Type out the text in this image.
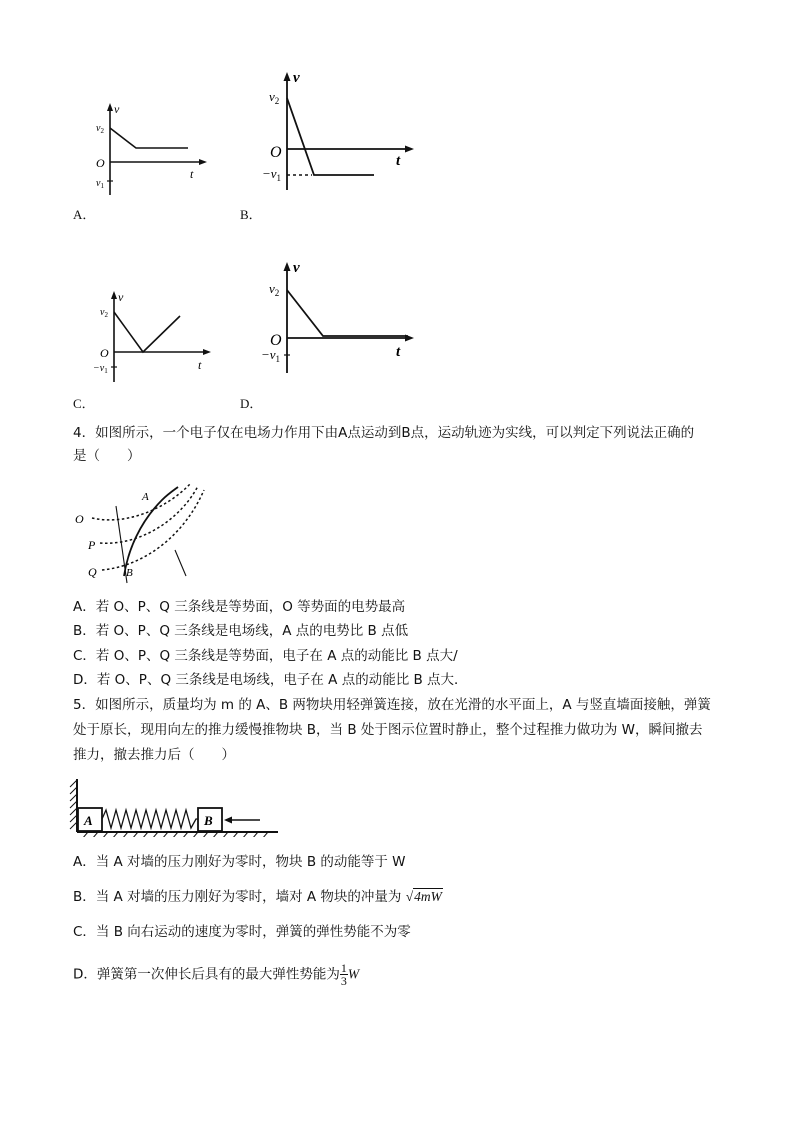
v
$v_2$
O
$v_1$
t
A．
v
$v_2$
O
$-v_1$
t
B．
v
$v_2$
O
$-v_1$	t
C．
v
$v_2$
O
$-v_1$	t
D．
4．如图所示，一个电子仅在电场力作用下由A点运动到B点，运动轨迹为实线，可以判定下列说法正确的
是（　　）
O
P
Q
A
B
A．若 O、P、Q 三条线是等势面，O 等势面的电势最高
B．若 O、P、Q 三条线是电场线，A 点的电势比 B 点低
C．若 O、P、Q 三条线是等势面，电子在 A 点的动能比 B 点大/
D．若 O、P、Q 三条线是电场线，电子在 A 点的动能比 B 点大．
5．如图所示，质量均为 m 的 A、B 两物块用轻弹簧连接，放在光滑的水平面上，A 与竖直墙面接触，弹簧
处于原长，现用向左的推力缓慢推物块 B，当 B 处于图示位置时静止，整个过程推力做功为 W，瞬间撤去
推力，撤去推力后（　　）
A	B
A．当 A 对墙的压力刚好为零时，物块 B 的动能等于 W
B．当 A 对墙的压力刚好为零时，墙对 A 物块的冲量为 √4mW
C．当 B 向右运动的速度为零时，弹簧的弹性势能不为零
D．弹簧第一次伸长后具有的最大弹性势能为 $\frac{1}{3}$ W
